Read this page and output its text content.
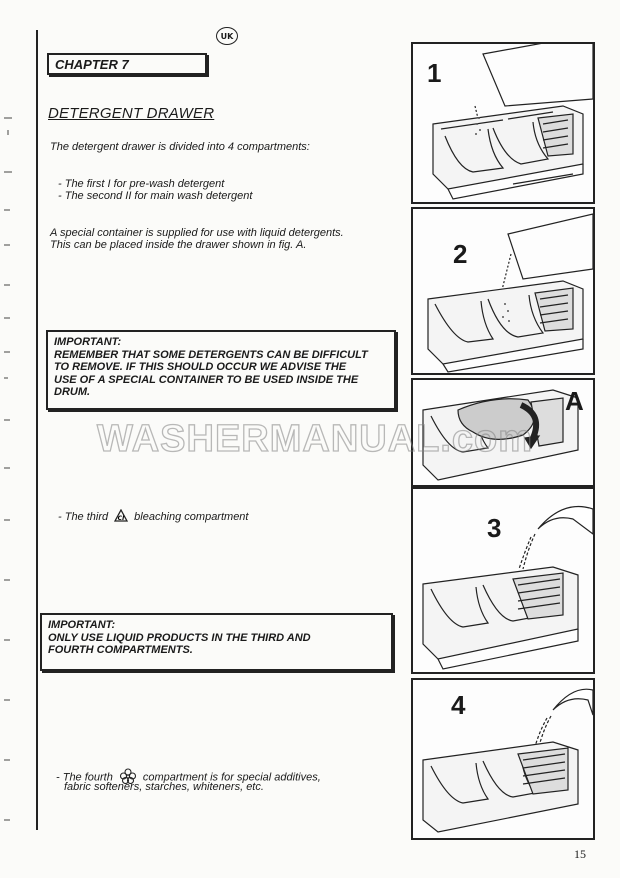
UK
CHAPTER 7
DETERGENT DRAWER
The detergent drawer is divided into 4 compartments:
- The first I for pre-wash detergent
- The second II for main wash detergent
A special container is supplied for use with liquid detergents.
This can be placed inside the drawer shown in fig. A.
IMPORTANT:
REMEMBER THAT SOME DETERGENTS CAN BE DIFFICULT
TO REMOVE. IF THIS SHOULD OCCUR WE ADVISE THE
USE OF A SPECIAL CONTAINER TO BE USED INSIDE THE
DRUM.
- The third CI bleaching compartment
IMPORTANT:
ONLY USE LIQUID PRODUCTS IN THE THIRD AND
FOURTH COMPARTMENTS.
- The fourth	compartment is for special additives,
fabric softeners, starches, whiteners, etc.
1
2
A
3
4
WASHERMANUAL.com
15
